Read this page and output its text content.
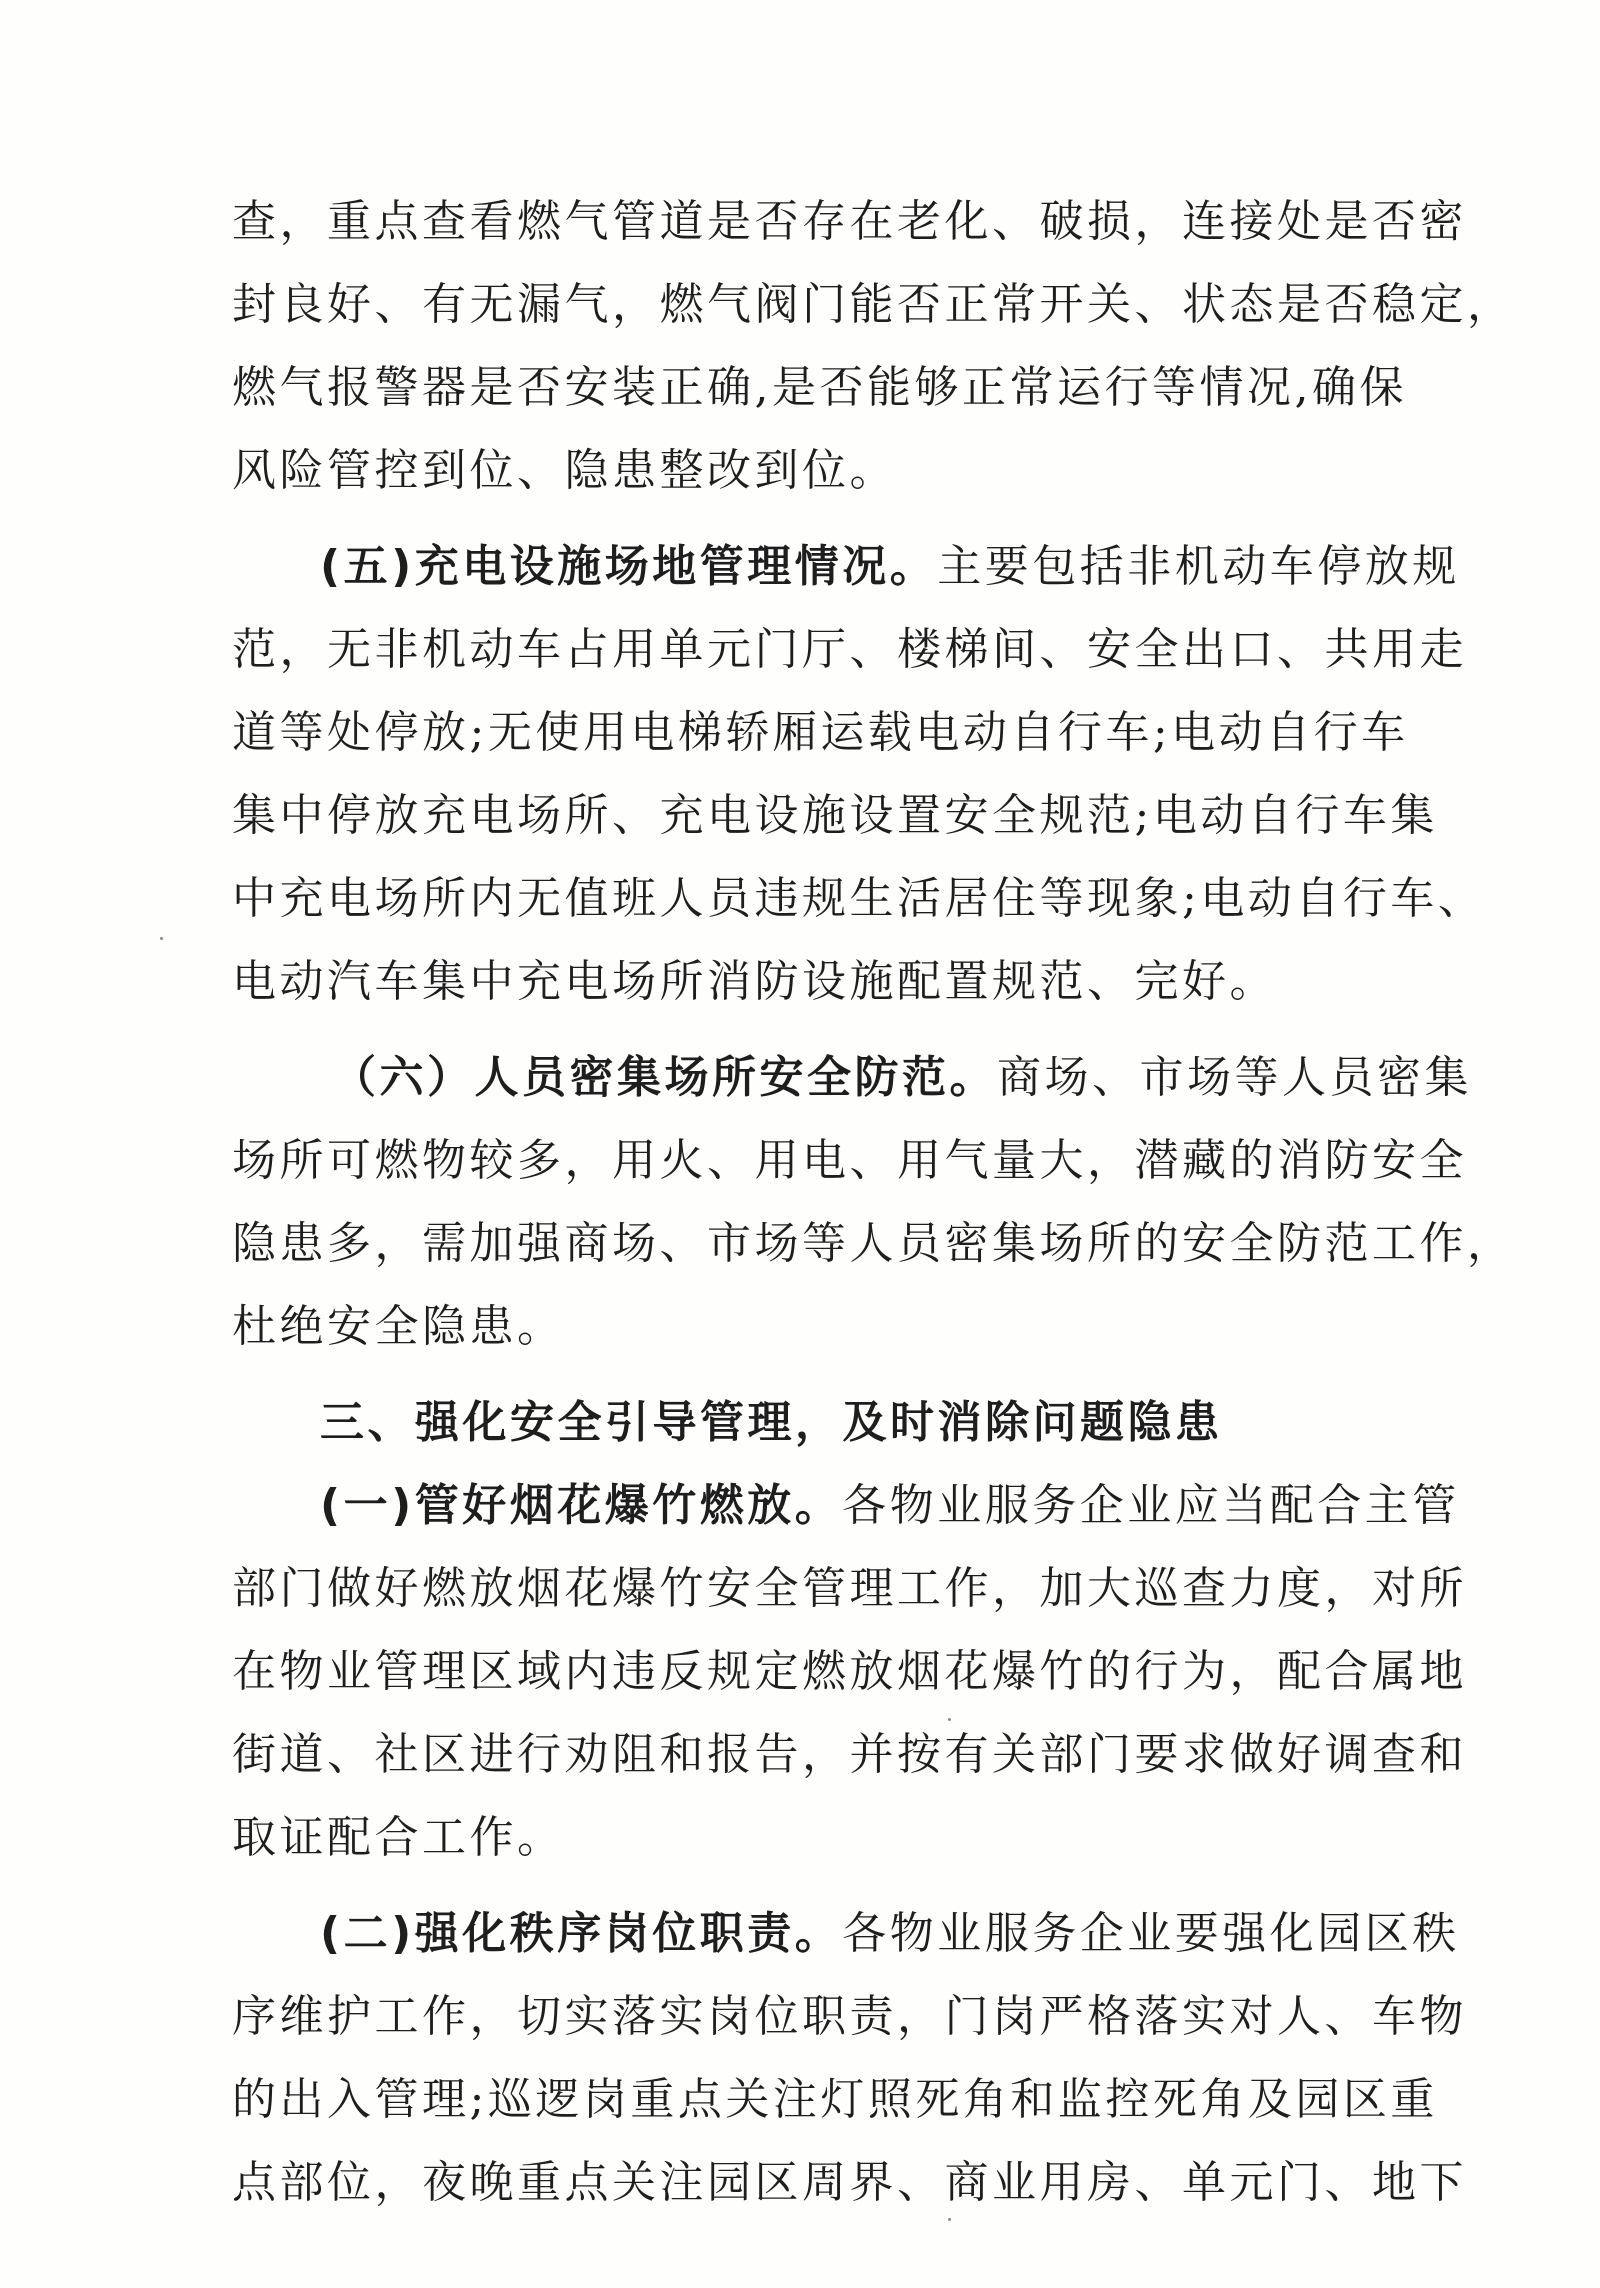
查，重点查看燃气管道是否存在老化、破损，连接处是否密
封良好、有无漏气，燃气阀门能否正常开关、状态是否稳定，
燃气报警器是否安装正确,是否能够正常运行等情况,确保
风险管控到位、隐患整改到位。
(五)充电设施场地管理情况。主要包括非机动车停放规
范，无非机动车占用单元门厅、楼梯间、安全出口、共用走
道等处停放;无使用电梯轿厢运载电动自行车;电动自行车
集中停放充电场所、充电设施设置安全规范;电动自行车集
中充电场所内无值班人员违规生活居住等现象;电动自行车、
电动汽车集中充电场所消防设施配置规范、完好。
（六）人员密集场所安全防范。商场、市场等人员密集
场所可燃物较多，用火、用电、用气量大，潜藏的消防安全
隐患多，需加强商场、市场等人员密集场所的安全防范工作，
杜绝安全隐患。
三、强化安全引导管理，及时消除问题隐患
(一)管好烟花爆竹燃放。各物业服务企业应当配合主管
部门做好燃放烟花爆竹安全管理工作，加大巡查力度，对所
在物业管理区域内违反规定燃放烟花爆竹的行为，配合属地
街道、社区进行劝阻和报告，并按有关部门要求做好调查和
取证配合工作。
(二)强化秩序岗位职责。各物业服务企业要强化园区秩
序维护工作，切实落实岗位职责，门岗严格落实对人、车物
的出入管理;巡逻岗重点关注灯照死角和监控死角及园区重
点部位，夜晚重点关注园区周界、商业用房、单元门、地下
